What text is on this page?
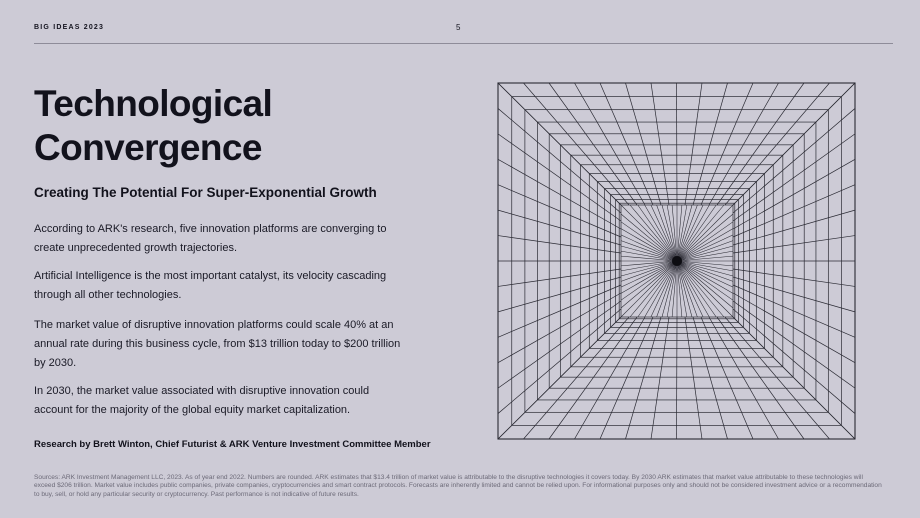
BIG IDEAS 2023	5
Technological
Convergence
Creating The Potential For Super-Exponential Growth

According to ARK's research, five innovation platforms are converging to create unprecedented growth trajectories.

Artificial Intelligence is the most important catalyst, its velocity cascading through all other technologies.

The market value of disruptive innovation platforms could scale 40% at an annual rate during this business cycle, from $13 trillion today to $200 trillion by 2030.

In 2030, the market value associated with disruptive innovation could account for the majority of the global equity market capitalization.

Research by Brett Winton, Chief Futurist & ARK Venture Investment Committee Member

Sources: ARK Investment Management LLC, 2023. As of year end 2022. Numbers are rounded. ARK estimates that $13.4 trillion of market value is attributable to the disruptive technologies it covers today. By 2030 ARK estimates that market value attributable to these technologies will exceed $206 trillion. Market value includes public companies, private companies, cryptocurrencies and smart contract protocols. Forecasts are inherently limited and cannot be relied upon. For informational purposes only and should not be considered investment advice or a recommendation to buy, sell, or hold any particular security or cryptocurrency. Past performance is not indicative of future results.
